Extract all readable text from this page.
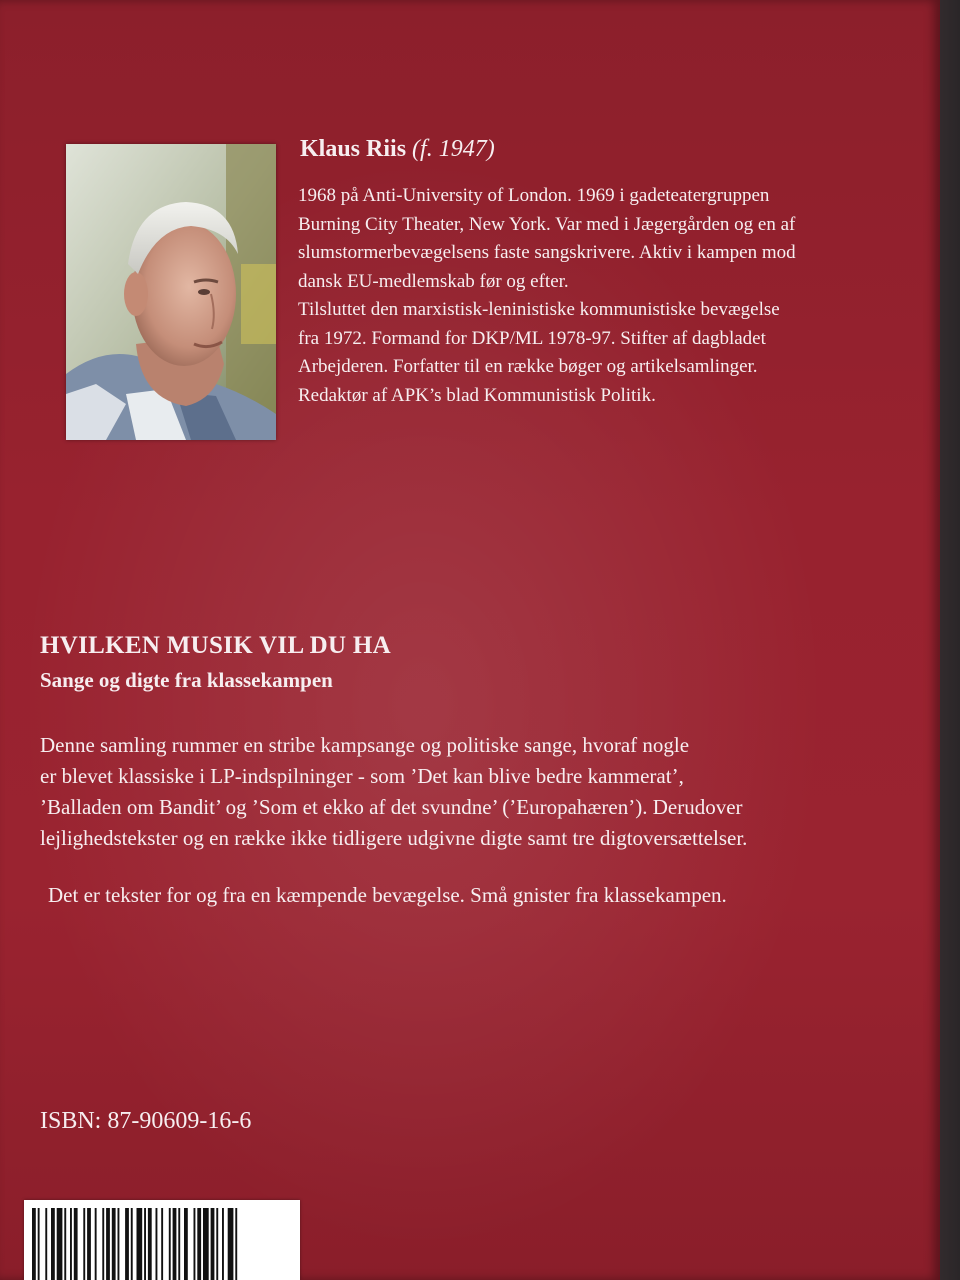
Klaus Riis (f. 1947)
1968 på Anti-University of London. 1969 i gadeteatergruppen
Burning City Theater, New York. Var med i Jægergården og en af
slumstormerbevægelsens faste sangskrivere. Aktiv i kampen mod
dansk EU-medlemskab før og efter.
Tilsluttet den marxistisk-leninistiske kommunistiske bevægelse
fra 1972. Formand for DKP/ML 1978-97. Stifter af dagbladet
Arbejderen. Forfatter til en række bøger og artikelsamlinger.
Redaktør af APK’s blad Kommunistisk Politik.
HVILKEN MUSIK VIL DU HA
Sange og digte fra klassekampen
Denne samling rummer en stribe kampsange og politiske sange, hvoraf nogle
er blevet klassiske i LP-indspilninger - som ’Det kan blive bedre kammerat’,
’Balladen om Bandit’ og ’Som et ekko af det svundne’ (’Europahæren’). Derudover
lejlighedstekster og en række ikke tidligere udgivne digte samt tre digtoversættelser.
Det er tekster for og fra en kæmpende bevægelse. Små gnister fra klassekampen.
ISBN: 87-90609-16-6
